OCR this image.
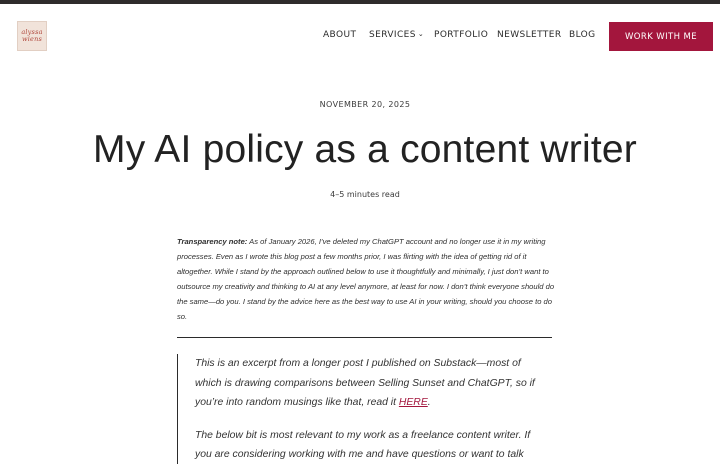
alyssa
wiens	ABOUT SERVICES ⌄ PORTFOLIO NEWSLETTER BLOG	WORK WITH ME
NOVEMBER 20, 2025
My AI policy as a content writer
4–5 minutes read

Transparency note: As of January 2026, I’ve deleted my ChatGPT account and no longer use it in my writing processes. Even as I wrote this blog post a few months prior, I was flirting with the idea of getting rid of it altogether. While I stand by the approach outlined below to use it thoughtfully and minimally, I just don’t want to outsource my creativity and thinking to AI at any level anymore, at least for now. I don’t think everyone should do the same—do you. I stand by the advice here as the best way to use AI in your writing, should you choose to do so.

This is an excerpt from a longer post I published on Substack—most of which is drawing comparisons between Selling Sunset and ChatGPT, so if you’re into random musings like that, read it HERE.

The below bit is most relevant to my work as a freelance content writer. If you are considering working with me and have questions or want to talk
